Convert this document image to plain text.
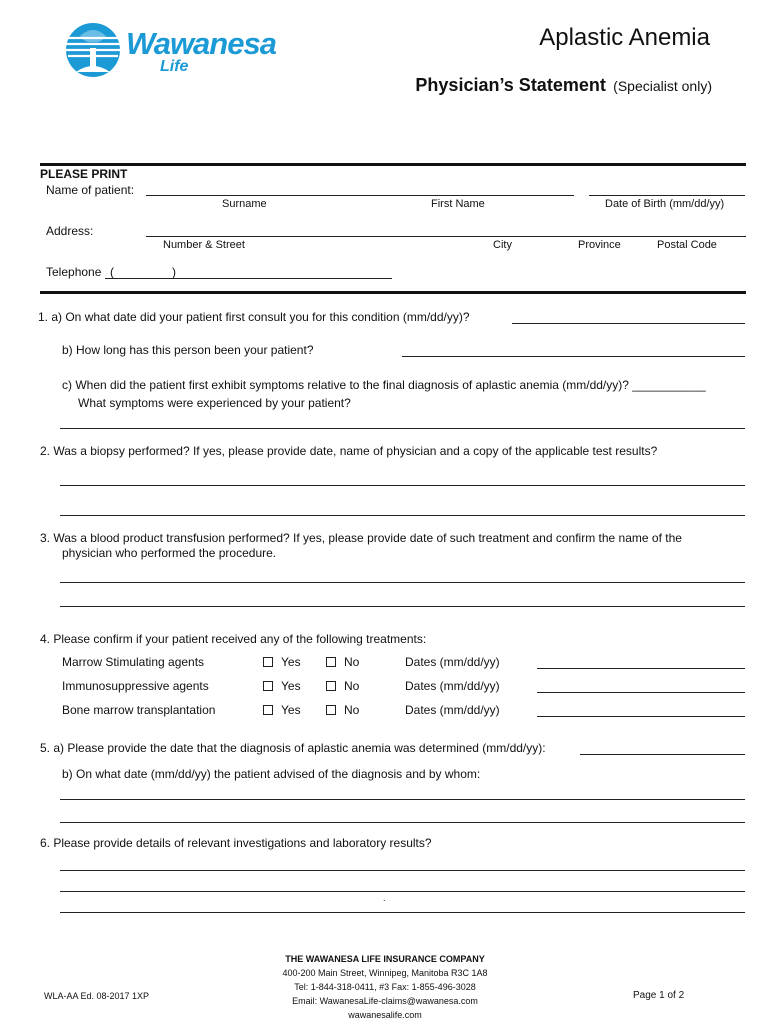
Wawanesa
Life
Aplastic Anemia
Physician’s Statement (Specialist only)
PLEASE PRINT
Name of patient:
Surname	First Name	Date of Birth (mm/dd/yy)
Address:
Number & Street	City	Province	Postal Code
Telephone (	)
1. a) On what date did your patient first consult you for this condition (mm/dd/yy)?
b) How long has this person been your patient?
c) When did the patient first exhibit symptoms relative to the final diagnosis of aplastic anemia (mm/dd/yy)? ___________
What symptoms were experienced by your patient?
2. Was a biopsy performed? If yes, please provide date, name of physician and a copy of the applicable test results?
3. Was a blood product transfusion performed? If yes, please provide date of such treatment and confirm the name of the
physician who performed the procedure.
4. Please confirm if your patient received any of the following treatments:
Marrow Stimulating agents	Yes	No	Dates (mm/dd/yy)
Immunosuppressive agents	Yes	No	Dates (mm/dd/yy)
Bone marrow transplantation	Yes	No	Dates (mm/dd/yy)
5. a) Please provide the date that the diagnosis of aplastic anemia was determined (mm/dd/yy):
b) On what date (mm/dd/yy) the patient advised of the diagnosis and by whom:
6. Please provide details of relevant investigations and laboratory results?
.
THE WAWANESA LIFE INSURANCE COMPANY
400-200 Main Street, Winnipeg, Manitoba R3C 1A8
Tel: 1-844-318-0411, #3 Fax: 1-855-496-3028
Email: WawanesaLife-claims@wawanesa.com
wawanesalife.com
WLA-AA Ed. 08-2017 1XP	Page 1 of 2
